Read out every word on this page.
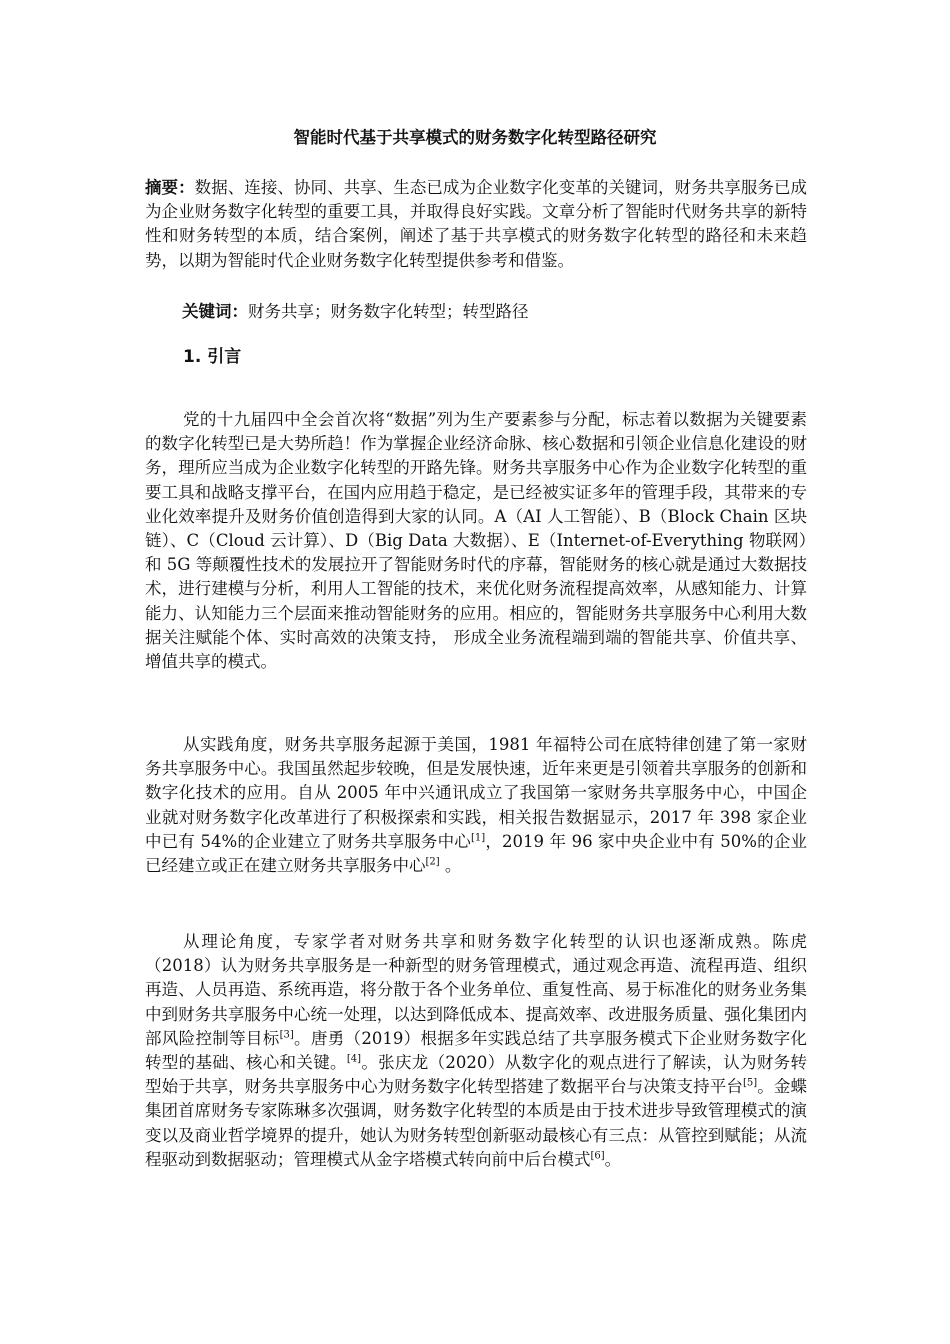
智能时代基于共享模式的财务数字化转型路径研究
摘要：数据、连接、协同、共享、生态已成为企业数字化变革的关键词，财务共享服务已成为企业财务数字化转型的重要工具，并取得良好实践。文章分析了智能时代财务共享的新特性和财务转型的本质，结合案例，阐述了基于共享模式的财务数字化转型的路径和未来趋势，以期为智能时代企业财务数字化转型提供参考和借鉴。
关键词：财务共享；财务数字化转型；转型路径
1. 引言

党的十九届四中全会首次将“数据”列为生产要素参与分配，标志着以数据为关键要素的数字化转型已是大势所趋！作为掌握企业经济命脉、核心数据和引领企业信息化建设的财务，理所应当成为企业数字化转型的开路先锋。财务共享服务中心作为企业数字化转型的重要工具和战略支撑平台，在国内应用趋于稳定，是已经被实证多年的管理手段，其带来的专业化效率提升及财务价值创造得到大家的认同。A（AI 人工智能）、B（Block Chain 区块链）、C（Cloud 云计算）、D（Big Data 大数据）、E（Internet-of-Everything 物联网）和 5G 等颠覆性技术的发展拉开了智能财务时代的序幕，智能财务的核心就是通过大数据技术，进行建模与分析，利用人工智能的技术，来优化财务流程提高效率，从感知能力、计算能力、认知能力三个层面来推动智能财务的应用。相应的，智能财务共享服务中心利用大数据关注赋能个体、实时高效的决策支持， 形成全业务流程端到端的智能共享、价值共享、增值共享的模式。

从实践角度，财务共享服务起源于美国，1981 年福特公司在底特律创建了第一家财务共享服务中心。我国虽然起步较晚，但是发展快速，近年来更是引领着共享服务的创新和数字化技术的应用。自从 2005 年中兴通讯成立了我国第一家财务共享服务中心，中国企业就对财务数字化改革进行了积极探索和实践，相关报告数据显示，2017 年 398 家企业中已有 54%的企业建立了财务共享服务中心[1]，2019 年 96 家中央企业中有 50%的企业已经建立或正在建立财务共享服务中心[2] 。

从理论角度，专家学者对财务共享和财务数字化转型的认识也逐渐成熟。陈虎（2018）认为财务共享服务是一种新型的财务管理模式，通过观念再造、流程再造、组织再造、人员再造、系统再造，将分散于各个业务单位、重复性高、易于标准化的财务业务集中到财务共享服务中心统一处理，以达到降低成本、提高效率、改进服务质量、强化集团内部风险控制等目标[3]。唐勇（2019）根据多年实践总结了共享服务模式下企业财务数字化转型的基础、核心和关键。[4]。张庆龙（2020）从数字化的观点进行了解读，认为财务转型始于共享，财务共享服务中心为财务数字化转型搭建了数据平台与决策支持平台[5]。金蝶集团首席财务专家陈琳多次强调，财务数字化转型的本质是由于技术进步导致管理模式的演变以及商业哲学境界的提升，她认为财务转型创新驱动最核心有三点：从管控到赋能；从流程驱动到数据驱动；管理模式从金字塔模式转向前中后台模式[6]。
